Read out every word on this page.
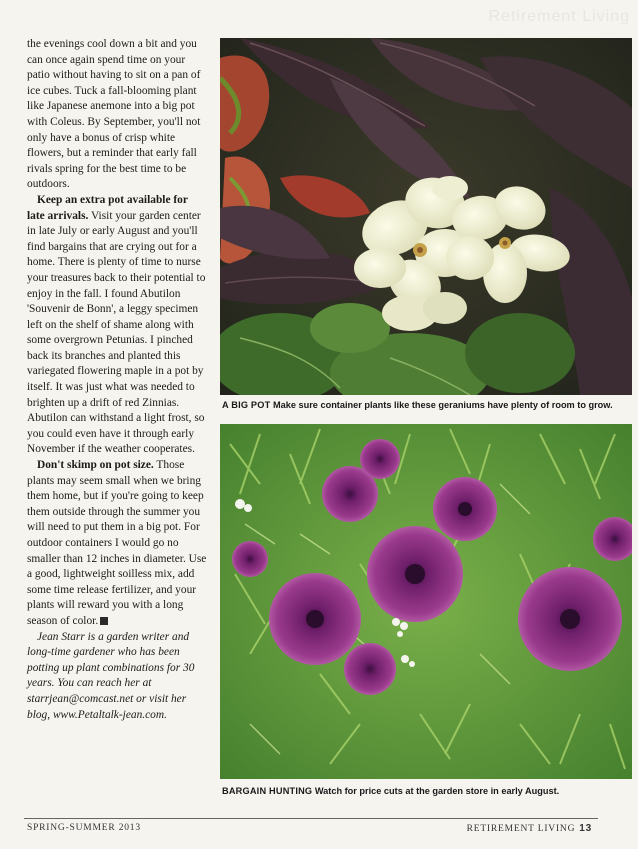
Retirement Living

the evenings cool down a bit and you can once again spend time on your patio without having to sit on a pan of ice cubes. Tuck a fall-blooming plant like Japanese anemone into a big pot with Coleus. By September, you'll not only have a bonus of crisp white flowers, but a reminder that early fall rivals spring for the best time to be outdoors.

Keep an extra pot available for late arrivals. Visit your garden center in late July or early August and you'll find bargains that are crying out for a home. There is plenty of time to nurse your treasures back to their potential to enjoy in the fall. I found Abutilon 'Souvenir de Bonn', a leggy specimen left on the shelf of shame along with some overgrown Petunias. I pinched back its branches and planted this variegated flowering maple in a pot by itself. It was just what was needed to brighten up a drift of red Zinnias. Abutilon can withstand a light frost, so you could even have it through early November if the weather cooperates.

Don't skimp on pot size. Those plants may seem small when we bring them home, but if you're going to keep them outside through the summer you will need to put them in a big pot. For outdoor containers I would go no smaller than 12 inches in diameter. Use a good, lightweight soilless mix, add some time release fertilizer, and your plants will reward you with a long season of color.

Jean Starr is a garden writer and long-time gardener who has been potting up plant combinations for 30 years. You can reach her at starrjean@comcast.net or visit her blog, www.Petaltalk-jean.com.

A BIG POT Make sure container plants like these geraniums have plenty of room to grow.
BARGAIN HUNTING Watch for price cuts at the garden store in early August.
SPRING-SUMMER 2013	RETIREMENT LIVING 13
